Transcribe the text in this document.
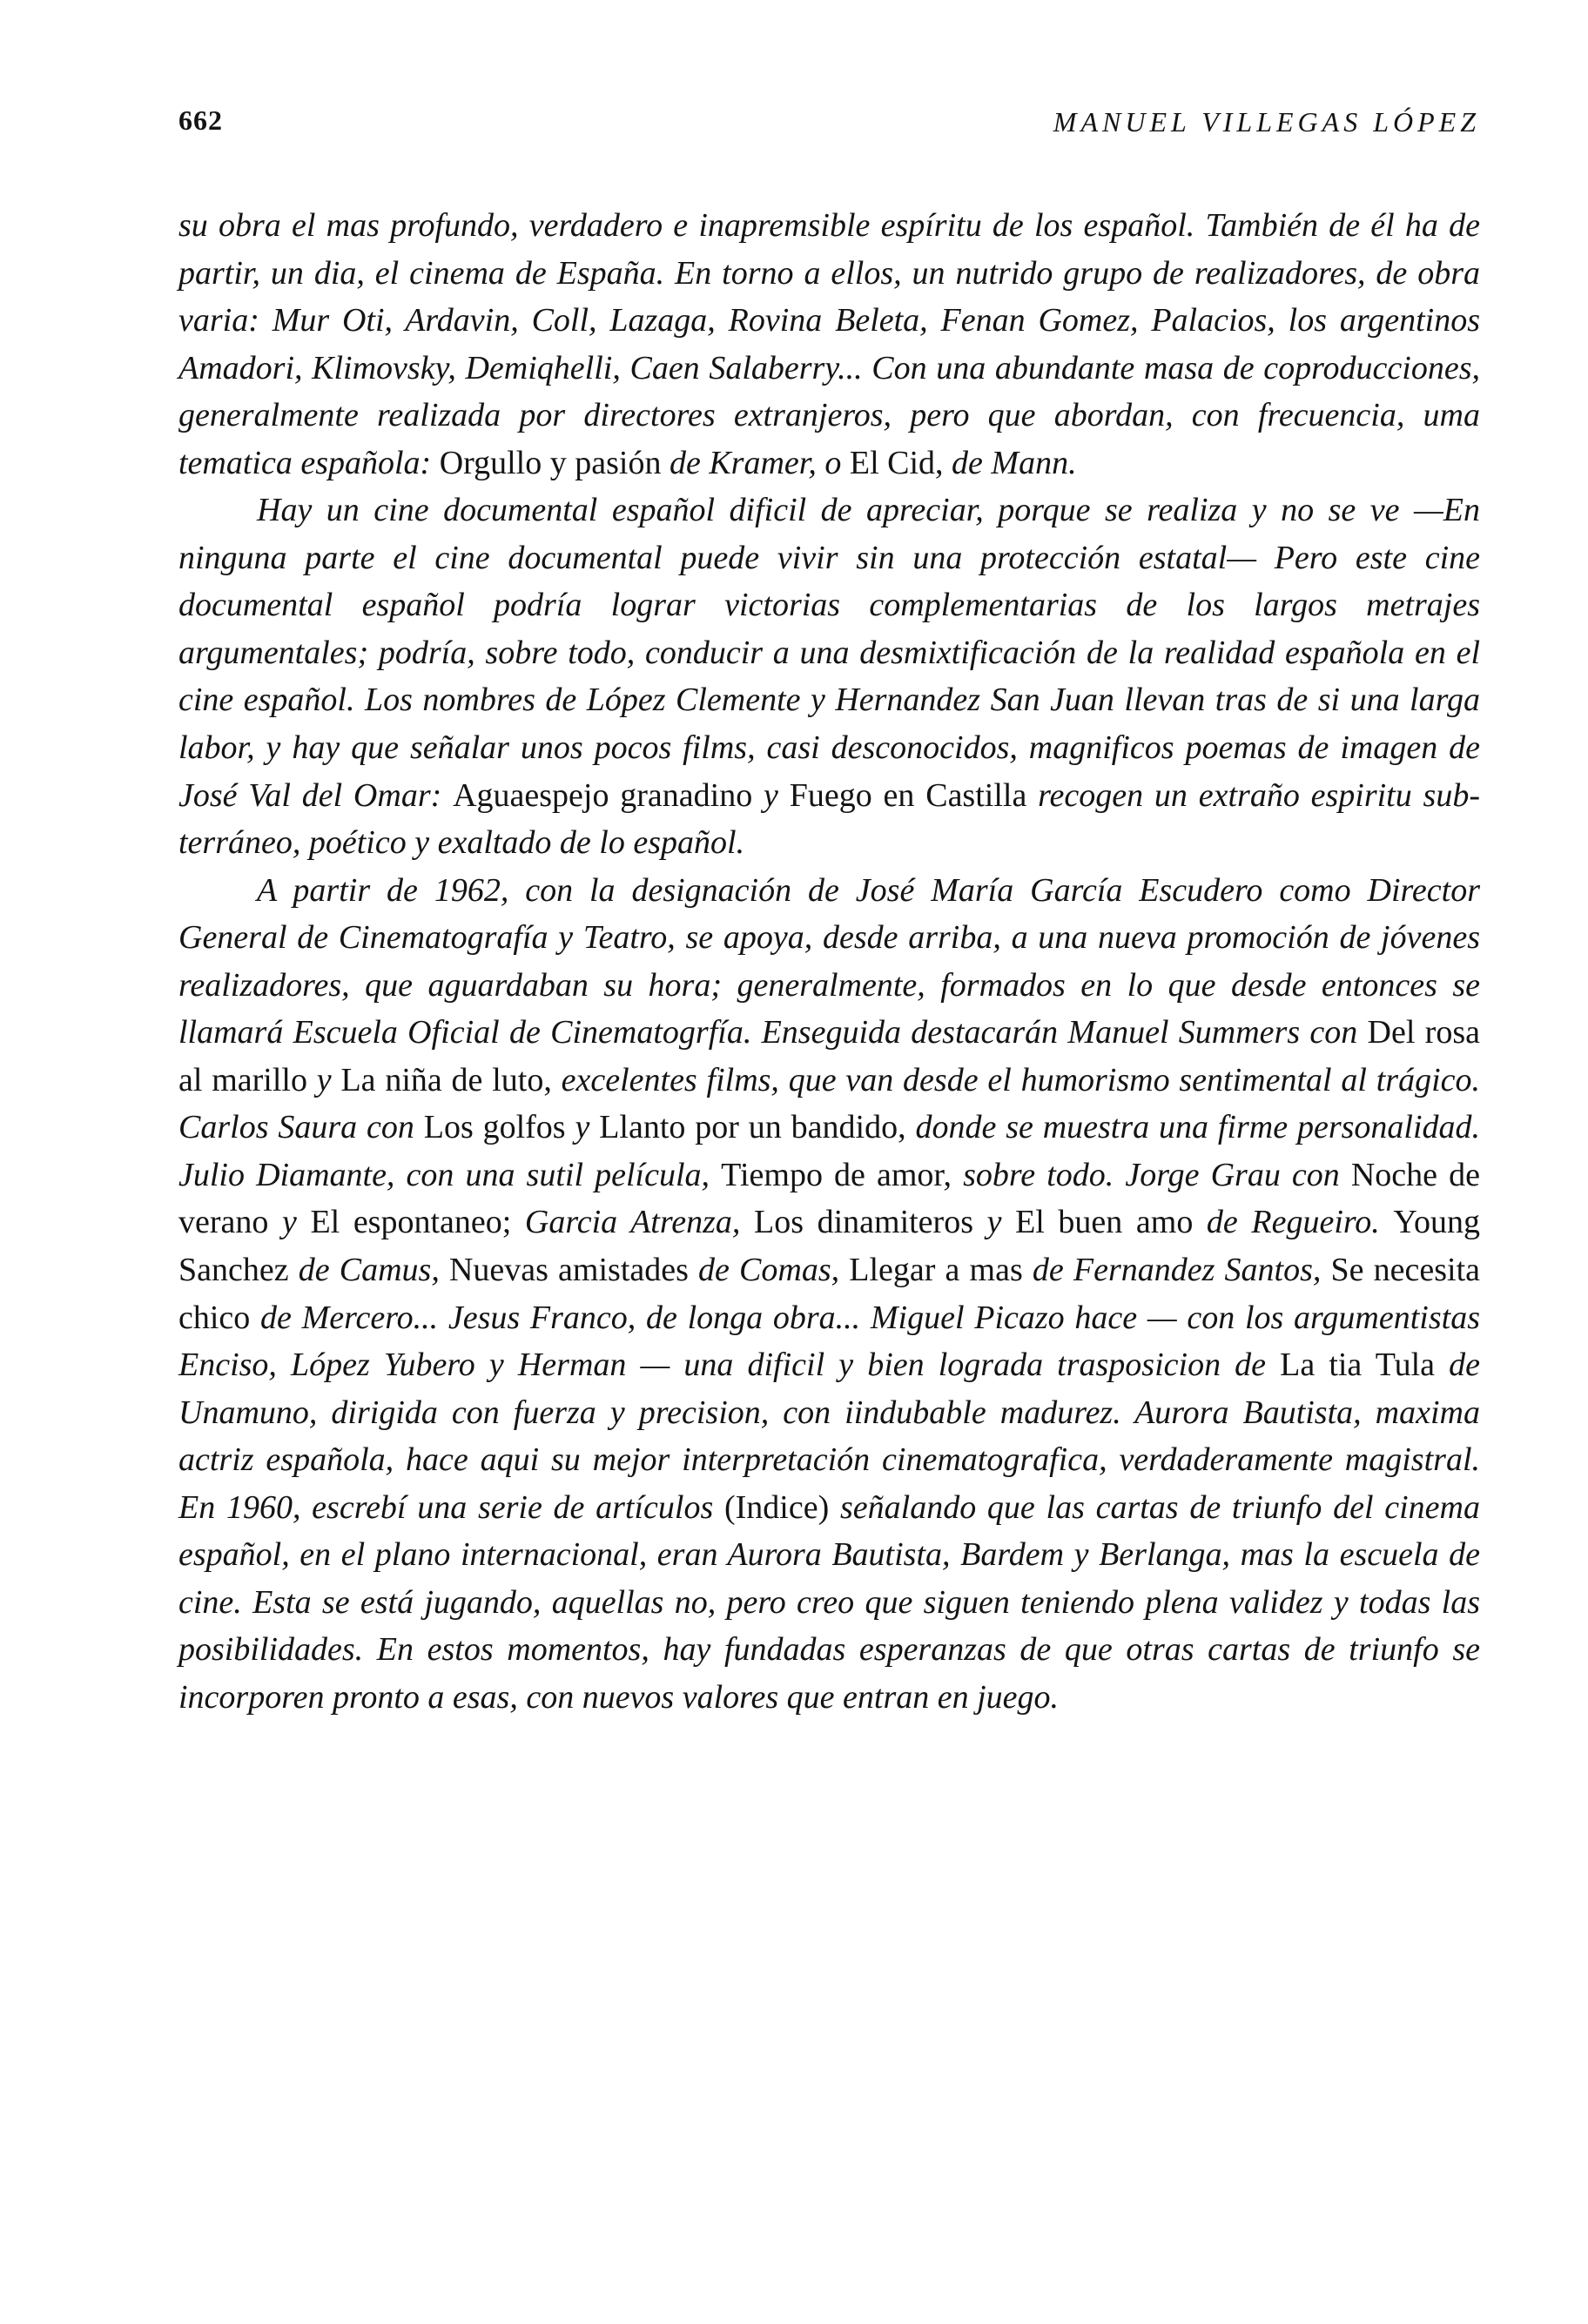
662	MANUEL VILLEGAS LÓPEZ

su obra el mas profundo, verdadero e inapremsible espíritu de los español. También de él ha de partir, un dia, el cinema de España. En torno a ellos, un nutrido grupo de realizadores, de obra varia: Mur Oti, Ardavin, Coll, Lazaga, Rovina Beleta, Fenan Gomez, Palacios, los argentinos Amadori, Klimovsky, Demiqhelli, Caen Salaberry... Con una abundante masa de coproducciones, generalmente realizada por directores extranjeros, pero que abordan, con frecuencia, uma tematica española: Orgullo y pasión de Kramer, o El Cid, de Mann.

Hay un cine documental español dificil de apreciar, porque se realiza y no se ve —En ninguna parte el cine documental puede vivir sin una protección estatal— Pero este cine documental español podría lograr victorias complementarias de los largos metrajes argumentales; podría, sobre todo, conducir a una desmixtificación de la realidad española en el cine español. Los nombres de López Clemente y Hernandez San Juan llevan tras de si una larga labor, y hay que señalar unos pocos films, casi desconocidos, magnificos poemas de imagen de José Val del Omar: Aguaespejo granadino y Fuego en Castilla recogen un extraño espiritu subterráneo, poético y exaltado de lo español.

A partir de 1962, con la designación de José María García Escudero como Director General de Cinematografía y Teatro, se apoya, desde arriba, a una nueva promoción de jóvenes realizadores, que aguardaban su hora; generalmente, formados en lo que desde entonces se llamará Escuela Oficial de Cinematogrfía. Enseguida destacarán Manuel Summers con Del rosa al marillo y La niña de luto, excelentes films, que van desde el humorismo sentimental al trágico. Carlos Saura con Los golfos y Llanto por un bandido, donde se muestra una firme personalidad. Julio Diamante, con una sutil película, Tiempo de amor, sobre todo. Jorge Grau con Noche de verano y El espontaneo; Garcia Atrenza, Los dinamiteros y El buen amo de Regueiro. Young Sanchez de Camus, Nuevas amistades de Comas, Llegar a mas de Fernandez Santos, Se necesita chico de Mercero... Jesus Franco, de longa obra... Miguel Picazo hace — con los argumentistas Enciso, López Yubero y Herman — una dificil y bien lograda trasposicion de La tia Tula de Unamuno, dirigida con fuerza y precision, con iindubable madurez. Aurora Bautista, maxima actriz española, hace aqui su mejor interpretación cinematografica, verdaderamente magistral. En 1960, escrebí una serie de artículos (Indice) señalando que las cartas de triunfo del cinema español, en el plano internacional, eran Aurora Bautista, Bardem y Berlanga, mas la escuela de cine. Esta se está jugando, aquellas no, pero creo que siguen teniendo plena validez y todas las posibilidades. En estos momentos, hay fundadas esperanzas de que otras cartas de triunfo se incorporen pronto a esas, con nuevos valores que entran en juego.
